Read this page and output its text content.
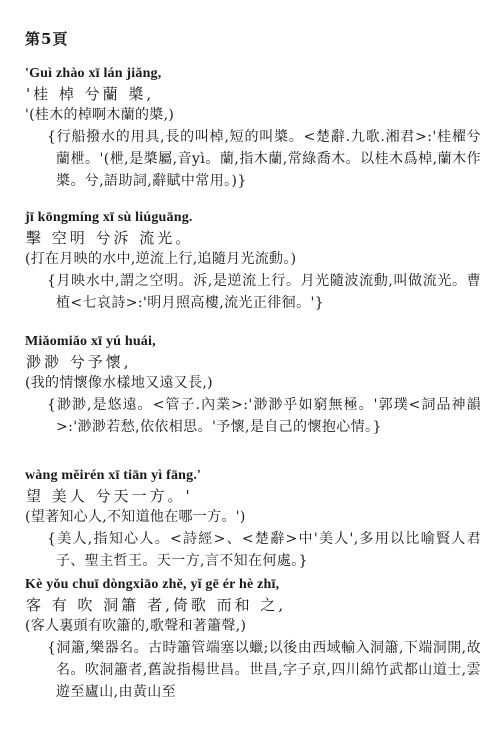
第5頁
'Guì zhào xī lán jiǎng,
'桂 棹 兮蘭 槳,
'(桂木的棹啊木蘭的槳,)
{行船撥水的用具,長的叫棹,短的叫槳。<楚辭.九歌.湘君>:'桂櫂兮蘭枻。'(枻,是槳屬,音yì。蘭,指木蘭,常綠喬木。以桂木爲棹,蘭木作槳。兮,語助詞,辭賦中常用。)}
jī kōngmíng xī sù liúguāng.
擊 空明 兮泝 流光。
(打在月映的水中,逆流上行,追隨月光流動。)
{月映水中,謂之空明。泝,是逆流上行。月光隨波流動,叫做流光。曹植<七哀詩>:'明月照高樓,流光正徘徊。'}
Miǎomiǎo xī yú huái,
渺渺 兮予懷,
(我的情懷像水樣地又遠又長,)
{渺渺,是悠遠。<管子.內業>:'渺渺乎如窮無極。'郭璞<詞品神韻>:'渺渺若愁,依依相思。'予懷,是自己的懷抱心情。}
wàng měirén xī tiān yì fāng.'
望 美人 兮天一方。'
(望著知心人,不知道他在哪一方。')
{美人,指知心人。<詩經>、<楚辭>中'美人',多用以比喻賢人君子、聖主哲王。天一方,言不知在何處。}
Kè yǒu chuī dòngxiāo zhě, yǐ gē ér hè zhī,
客 有 吹 洞簫 者,倚歌 而和 之,
(客人裏頭有吹簫的,歌聲和著簫聲,)
{洞簫,樂器名。古時簫管端塞以蠟;以後由西域輸入洞簫,下端洞開,故名。吹洞簫者,舊說指楊世昌。世昌,字子京,四川綿竹武都山道士,雲遊至廬山,由黃山至
